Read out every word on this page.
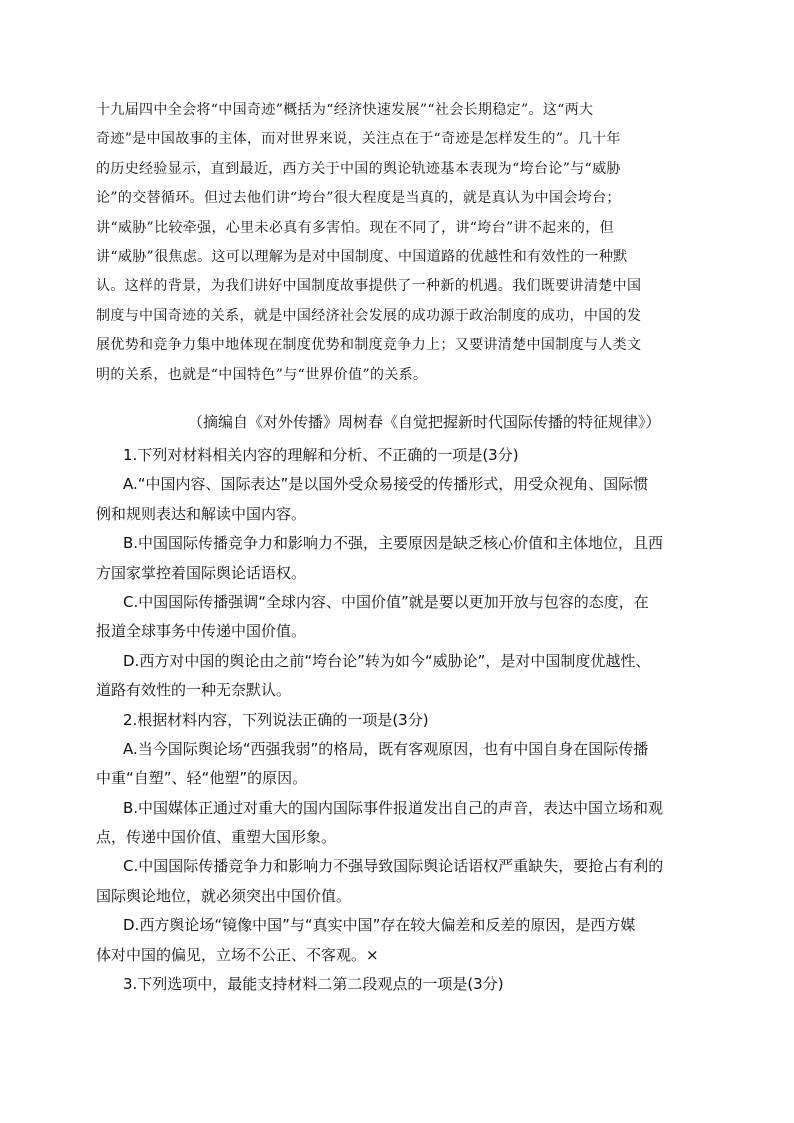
十九届四中全会将“中国奇迹”概括为“经济快速发展”“社会长期稳定”。这“两大
奇迹”是中国故事的主体，而对世界来说，关注点在于“奇迹是怎样发生的”。几十年
的历史经验显示，直到最近，西方关于中国的舆论轨迹基本表现为“垮台论”与“威胁
论”的交替循环。但过去他们讲“垮台”很大程度是当真的，就是真认为中国会垮台；
讲“威胁”比较牵强，心里未必真有多害怕。现在不同了，讲“垮台”讲不起来的，但
讲“威胁”很焦虑。这可以理解为是对中国制度、中国道路的优越性和有效性的一种默
认。这样的背景，为我们讲好中国制度故事提供了一种新的机遇。我们既要讲清楚中国
制度与中国奇迹的关系，就是中国经济社会发展的成功源于政治制度的成功，中国的发
展优势和竞争力集中地体现在制度优势和制度竞争力上；又要讲清楚中国制度与人类文
明的关系，也就是“中国特色”与“世界价值”的关系。
（摘编自《对外传播》周树春《自觉把握新时代国际传播的特征规律》）
1.下列对材料相关内容的理解和分析、不正确的一项是(3分)
A.“中国内容、国际表达”是以国外受众易接受的传播形式，用受众视角、国际惯
例和规则表达和解读中国内容。
B.中国国际传播竞争力和影响力不强，主要原因是缺乏核心价值和主体地位，且西
方国家掌控着国际舆论话语权。
C.中国国际传播强调“全球内容、中国价值”就是要以更加开放与包容的态度，在
报道全球事务中传递中国价值。
D.西方对中国的舆论由之前“垮台论”转为如今“威胁论”，是对中国制度优越性、
道路有效性的一种无奈默认。
2.根据材料内容，下列说法正确的一项是(3分)
A.当今国际舆论场“西强我弱”的格局，既有客观原因，也有中国自身在国际传播
中重“自塑”、轻“他塑”的原因。
B.中国媒体正通过对重大的国内国际事件报道发出自己的声音，表达中国立场和观
点，传递中国价值、重塑大国形象。
C.中国国际传播竞争力和影响力不强导致国际舆论话语权严重缺失，要抢占有利的
国际舆论地位，就必须突出中国价值。
D.西方舆论场“镜像中国”与“真实中国”存在较大偏差和反差的原因，是西方媒
体对中国的偏见，立场不公正、不客观。×
3.下列选项中，最能支持材料二第二段观点的一项是(3分)
